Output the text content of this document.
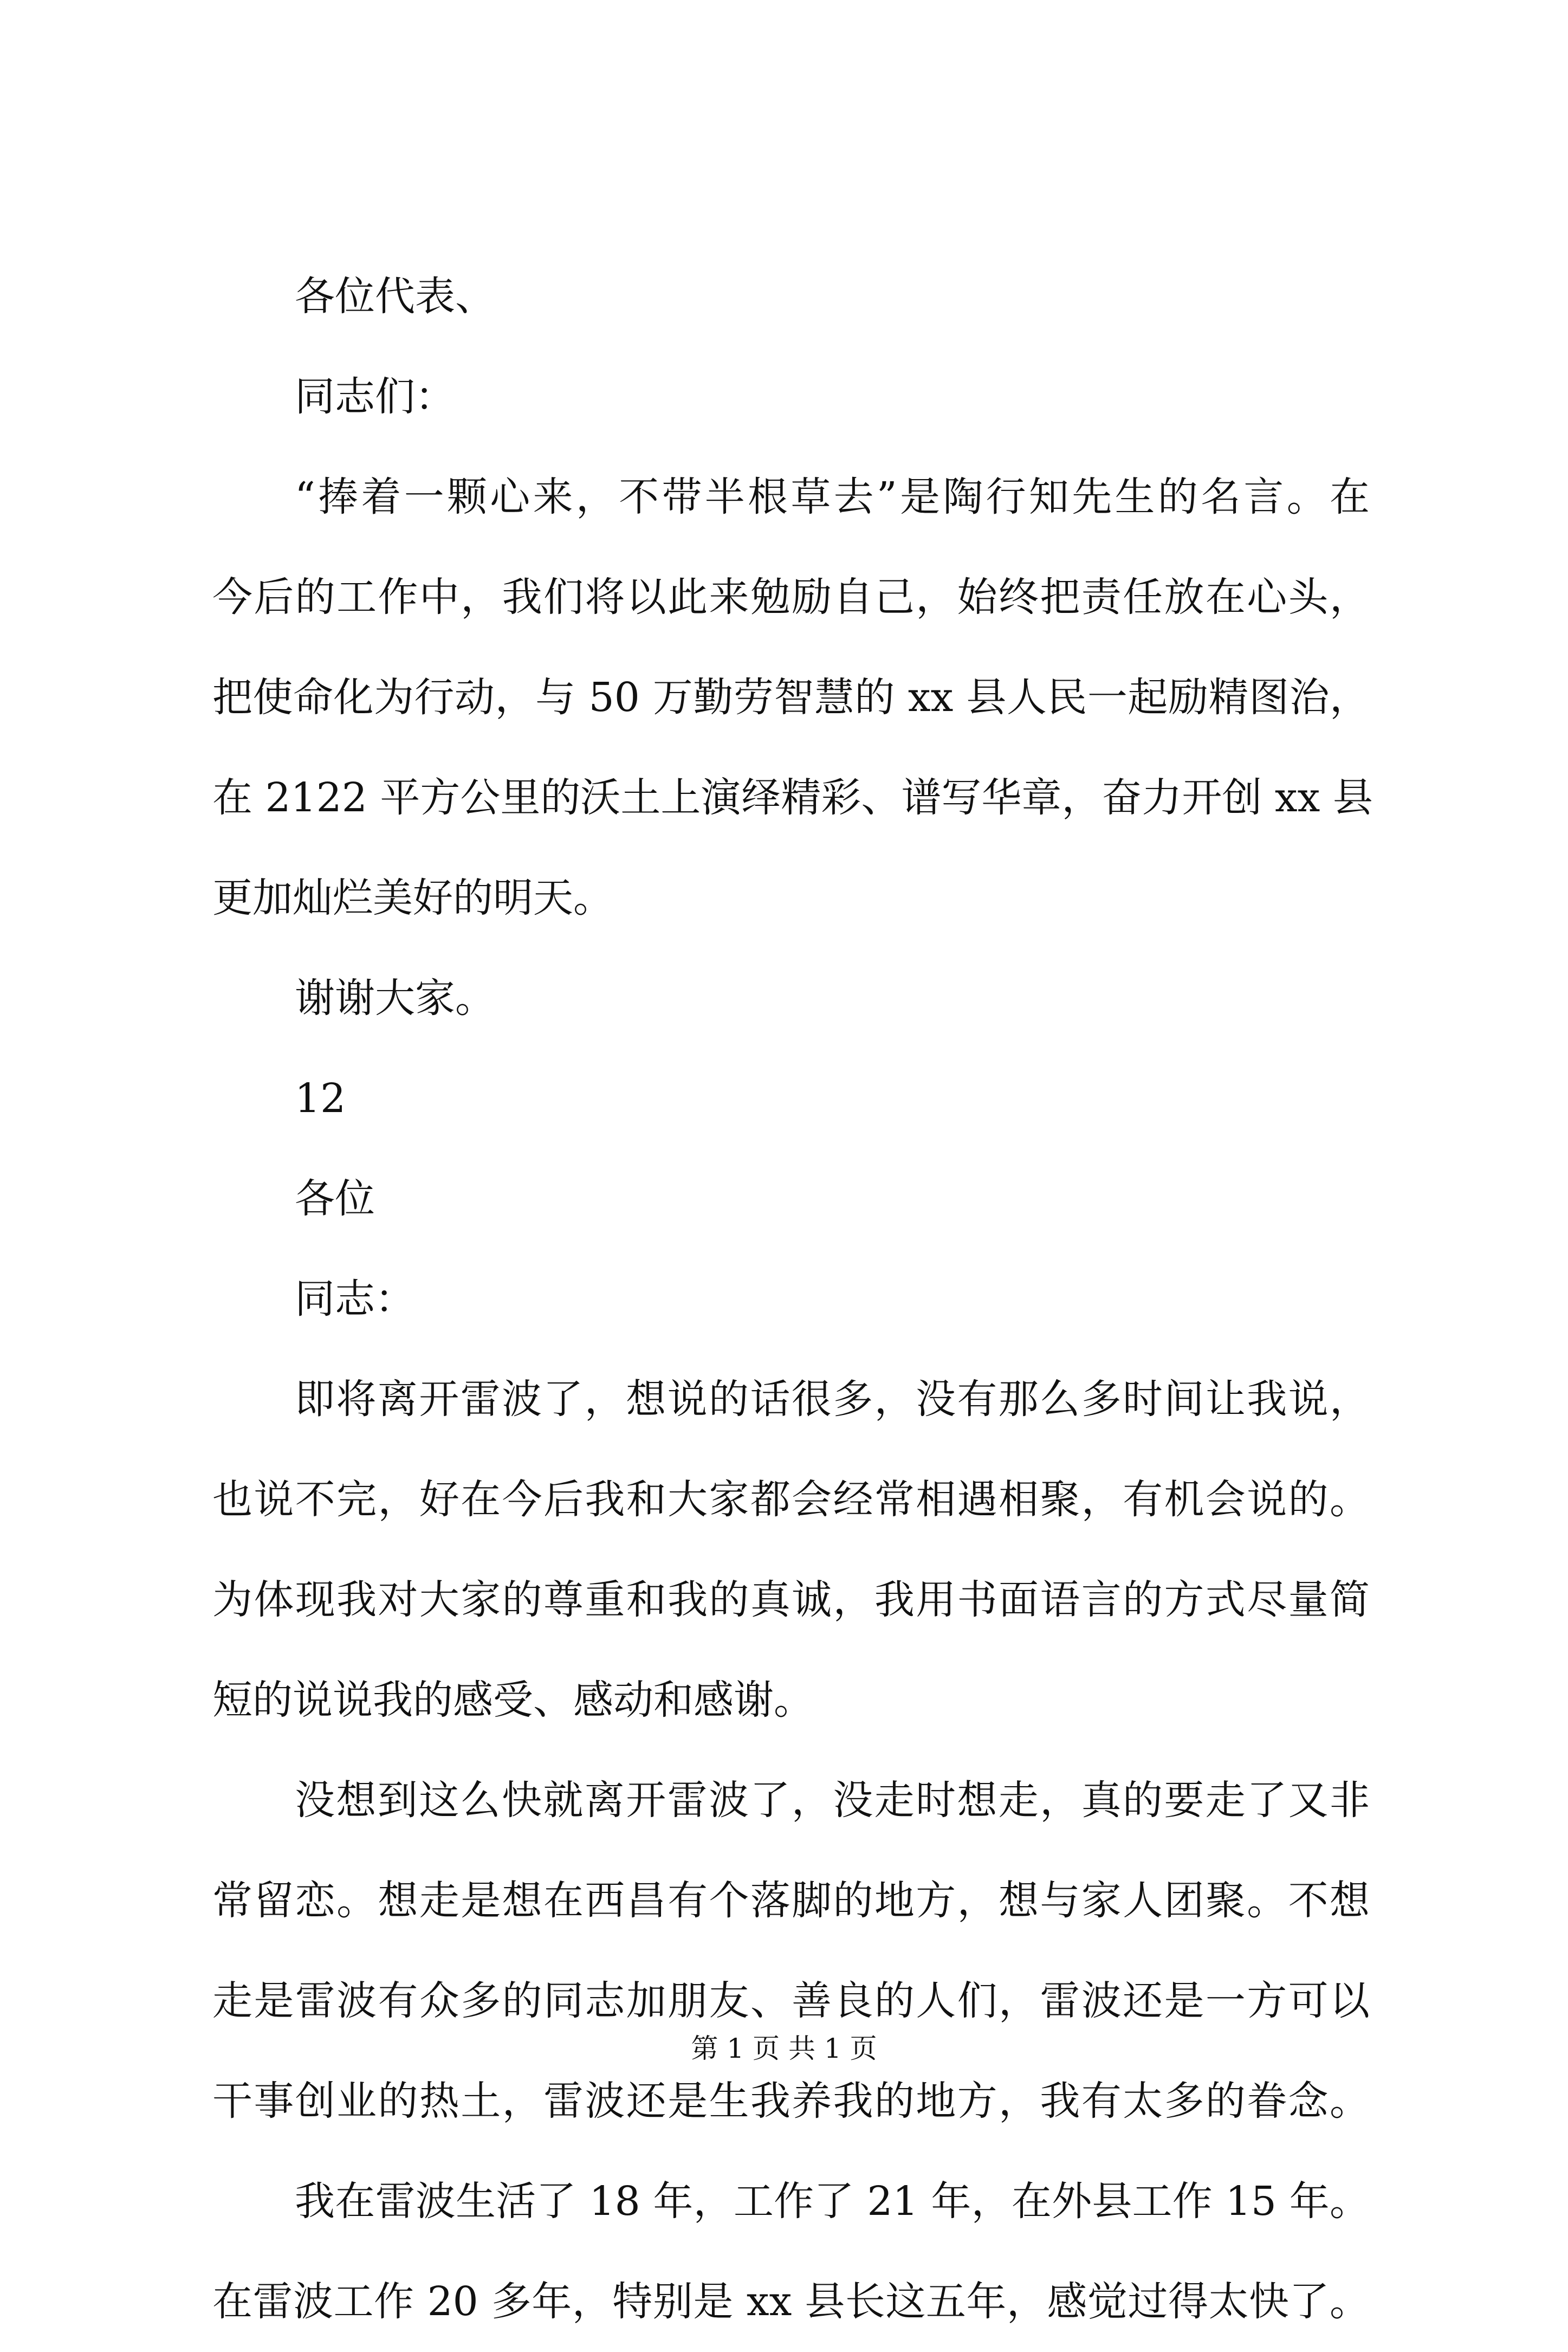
各位代表、
同志们：
“捧着一颗心来，不带半根草去”是陶行知先生的名言。在
今后的工作中，我们将以此来勉励自己，始终把责任放在心头，
把使命化为行动，与 50 万勤劳智慧的 xx 县人民一起励精图治，
在 2122 平方公里的沃土上演绎精彩、谱写华章，奋力开创 xx 县
更加灿烂美好的明天。
谢谢大家。
12
各位
同志：
即将离开雷波了，想说的话很多，没有那么多时间让我说，
也说不完，好在今后我和大家都会经常相遇相聚，有机会说的。
为体现我对大家的尊重和我的真诚，我用书面语言的方式尽量简
短的说说我的感受、感动和感谢。
没想到这么快就离开雷波了，没走时想走，真的要走了又非
常留恋。想走是想在西昌有个落脚的地方，想与家人团聚。不想
走是雷波有众多的同志加朋友、善良的人们，雷波还是一方可以
干事创业的热土，雷波还是生我养我的地方，我有太多的眷念。
我在雷波生活了 18 年，工作了 21 年，在外县工作 15 年。
在雷波工作 20 多年，特别是 xx 县长这五年，感觉过得太快了。
第 1 页 共 1 页
